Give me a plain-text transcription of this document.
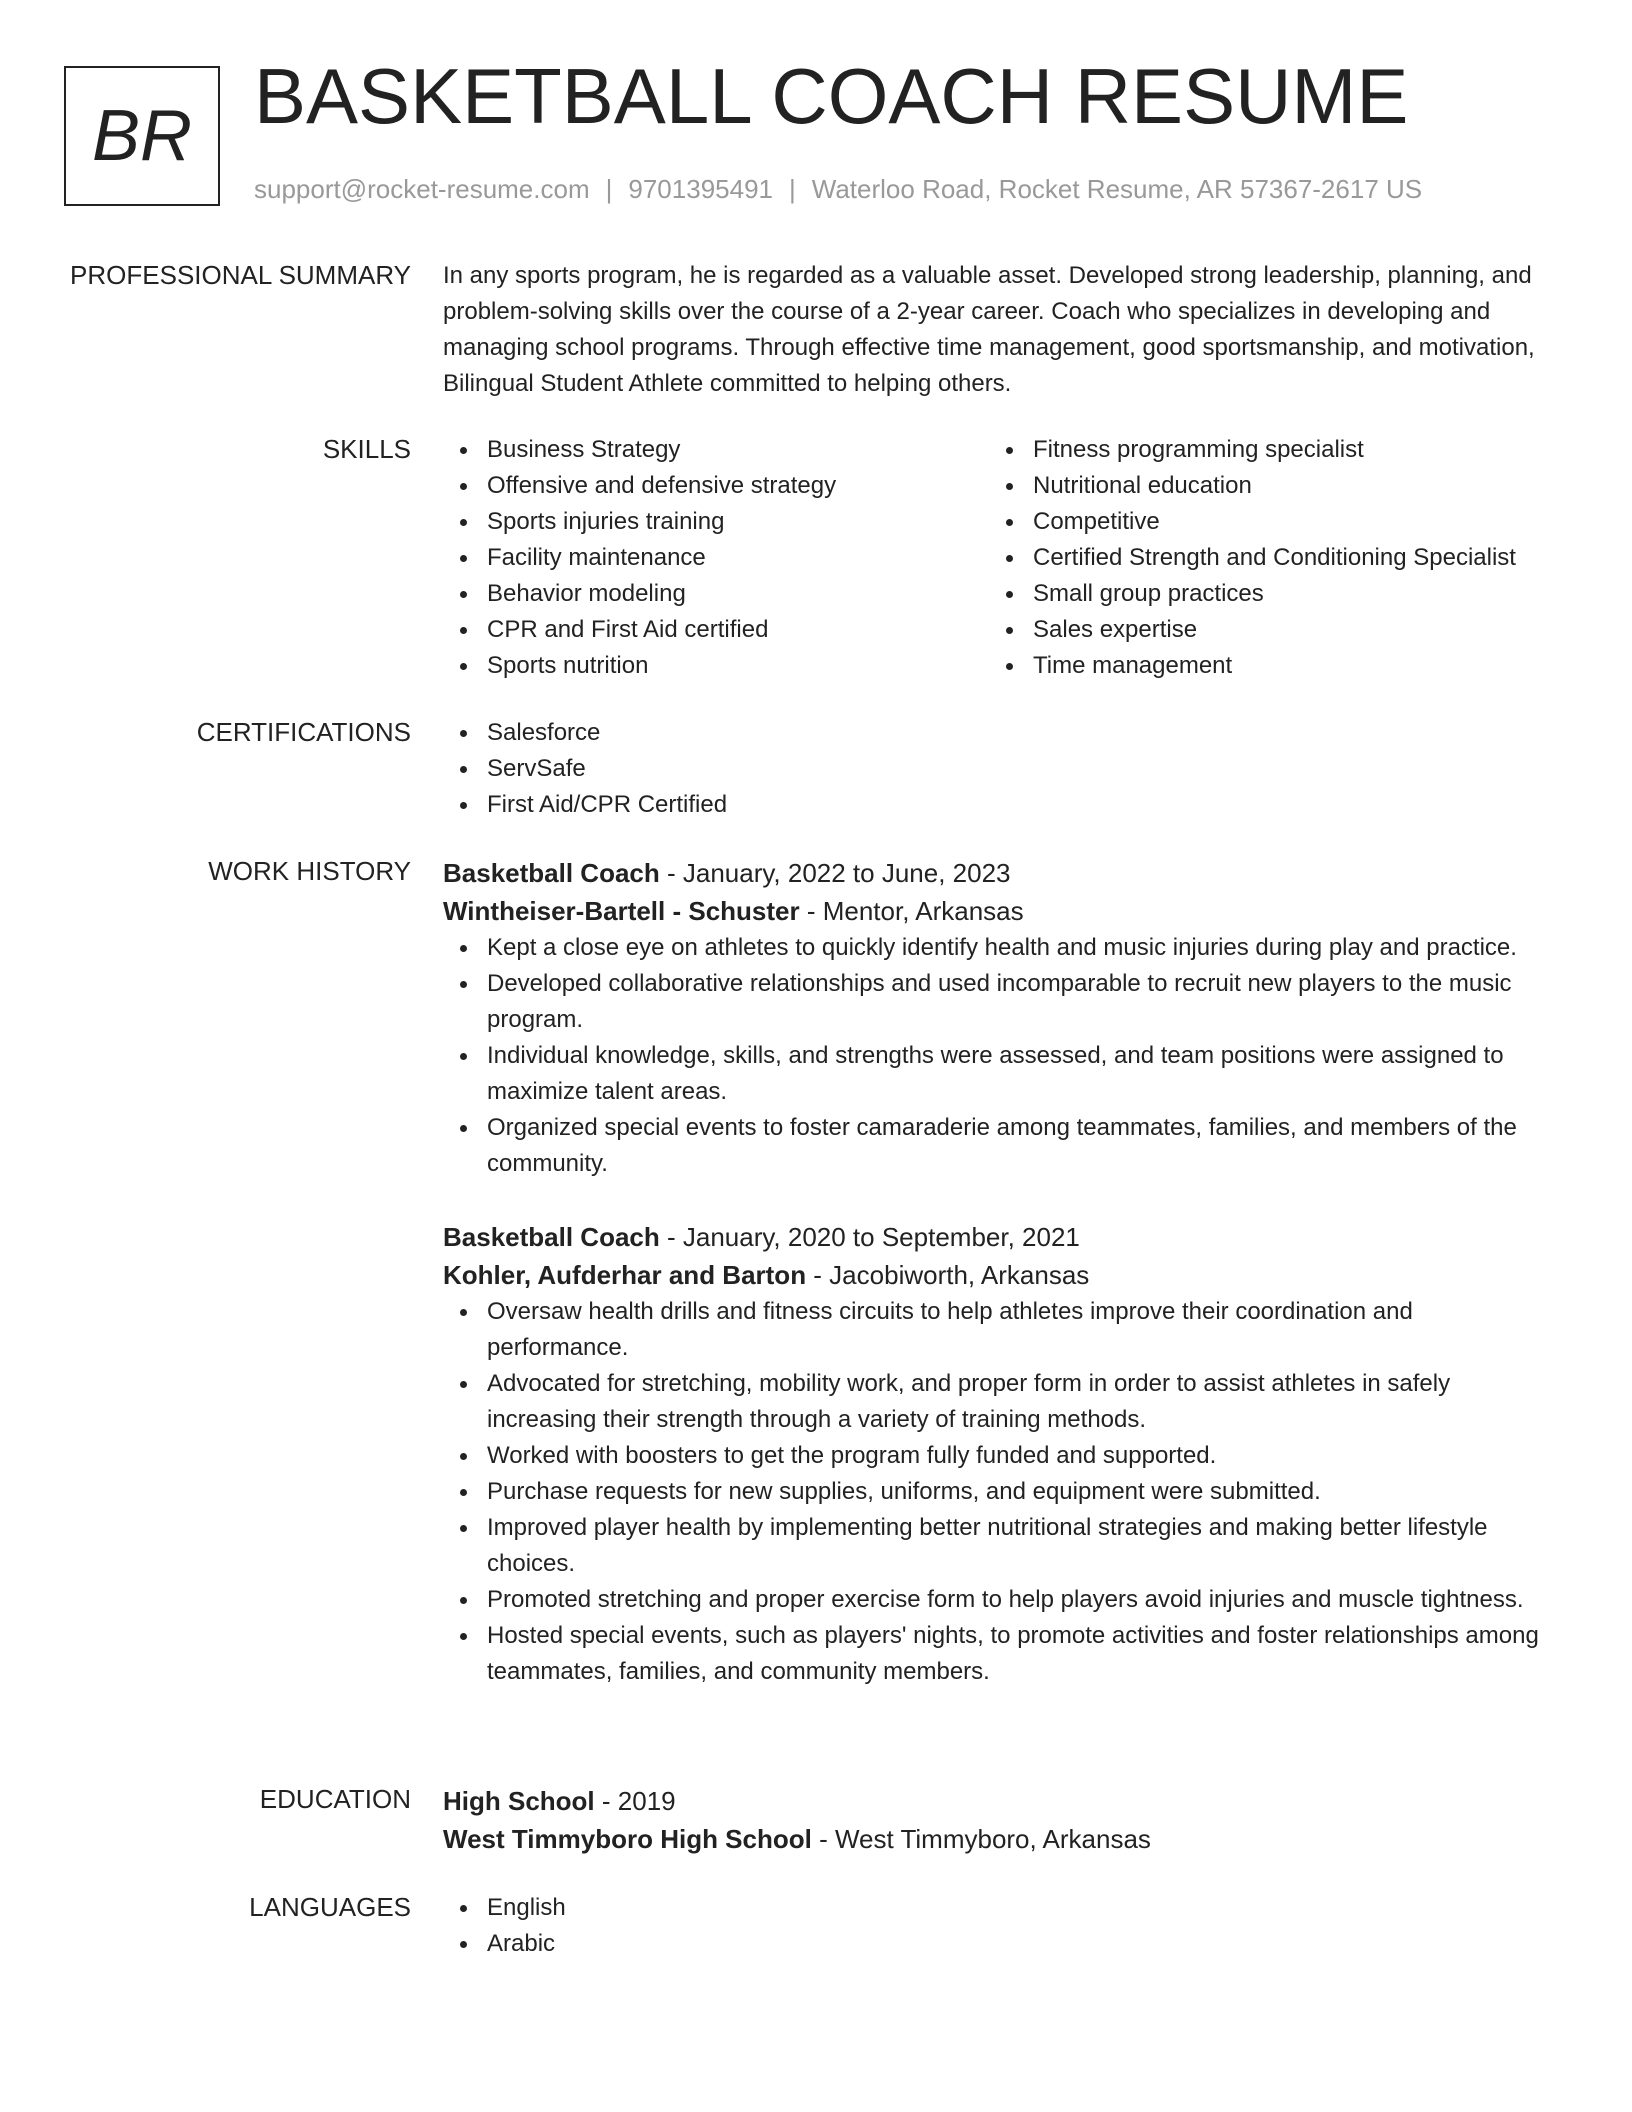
BR BASKETBALL COACH RESUME
support@rocket-resume.com | 9701395491 | Waterloo Road, Rocket Resume, AR 57367-2617 US
PROFESSIONAL SUMMARY In any sports program, he is regarded as a valuable asset. Developed strong leadership, planning, and problem-solving skills over the course of a 2-year career. Coach who specializes in developing and managing school programs. Through effective time management, good sportsmanship, and motivation, Bilingual Student Athlete committed to helping others.

SKILLS	Business Strategy
Offensive and defensive strategy
Sports injuries training
Facility maintenance
Behavior modeling
CPR and First Aid certified
Sports nutrition
Fitness programming specialist
Nutritional education
Competitive
Certified Strength and Conditioning Specialist
Small group practices
Sales expertise
Time management
CERTIFICATIONS	Salesforce
ServSafe
First Aid/CPR Certified
WORK HISTORY Basketball Coach - January, 2022 to June, 2023
Wintheiser-Bartell - Schuster - Mentor, Arkansas
Kept a close eye on athletes to quickly identify health and music injuries during play and practice.
Developed collaborative relationships and used incomparable to recruit new players to the music program.
Individual knowledge, skills, and strengths were assessed, and team positions were assigned to maximize talent areas.
Organized special events to foster camaraderie among teammates, families, and members of the community.
Basketball Coach - January, 2020 to September, 2021
Kohler, Aufderhar and Barton - Jacobiworth, Arkansas
Oversaw health drills and fitness circuits to help athletes improve their coordination and performance.
Advocated for stretching, mobility work, and proper form in order to assist athletes in safely increasing their strength through a variety of training methods.
Worked with boosters to get the program fully funded and supported.
Purchase requests for new supplies, uniforms, and equipment were submitted.
Improved player health by implementing better nutritional strategies and making better lifestyle choices.
Promoted stretching and proper exercise form to help players avoid injuries and muscle tightness.
Hosted special events, such as players' nights, to promote activities and foster relationships among teammates, families, and community members.
EDUCATION High School - 2019
West Timmyboro High School - West Timmyboro, Arkansas
LANGUAGES	English
Arabic
